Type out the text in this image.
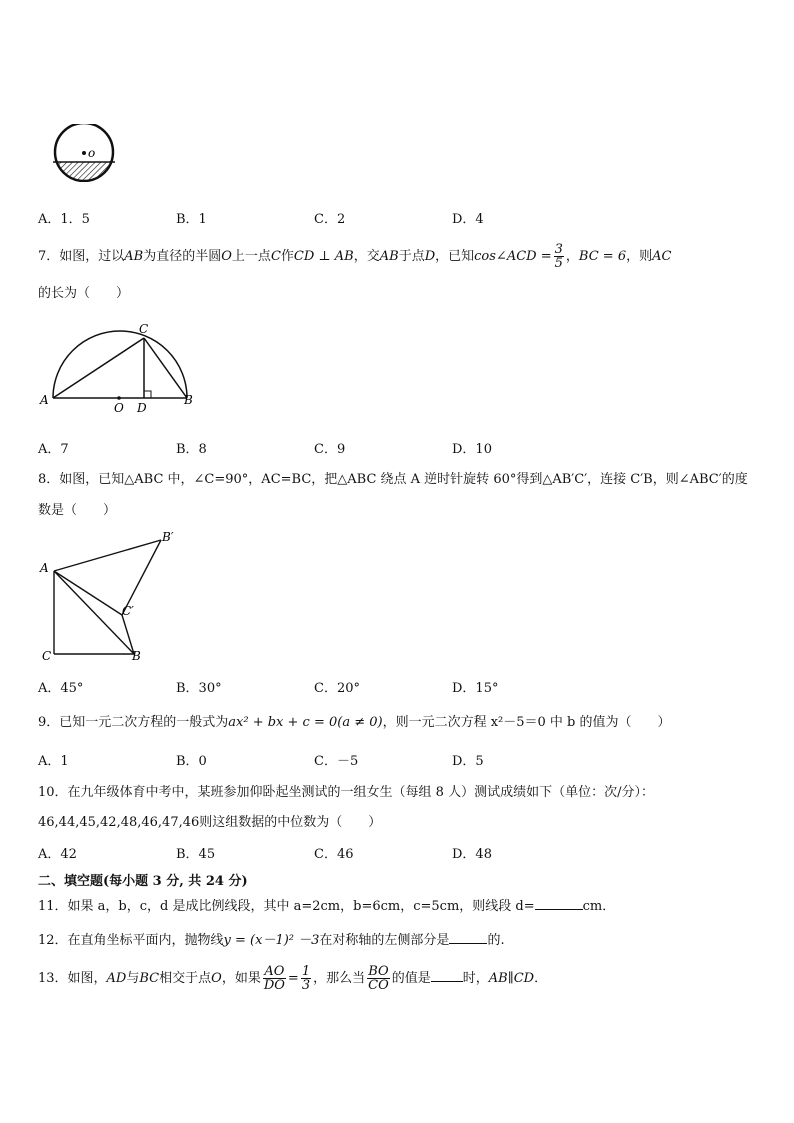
o
A．1．5	B．1	C．2	D．4
7．如图，过以AB为直径的半圆O上一点C作CD ⊥ AB，交AB于点D，已知cos∠ACD = $\frac{3}{5}$ ，BC = 6，则AC
的长为（　　）
A	B
C
D
O
A．7	B．8	C．9	D．10
8．如图，已知△ABC 中，∠C=90°，AC=BC，把△ABC 绕点 A 逆时针旋转 60°得到△AB′C′，连接 C′B，则∠ABC′的度
数是（　　）
A
B′
C′
C	B
A．45°	B．30°	C．20°	D．15°
9．已知一元二次方程的一般式为ax² + bx + c = 0(a ≠ 0)，则一元二次方程 x²－5＝0 中 b 的值为（　　）
A．1	B．0	C．－5	D．5
10．在九年级体育中考中，某班参加仰卧起坐测试的一组女生（每组 8 人）测试成绩如下（单位：次/分）：
46,44,45,42,48,46,47,46则这组数据的中位数为（　　）
A．42	B．45	C．46	D．48
二、填空题(每小题 3 分, 共 24 分)
11．如果 a，b，c，d 是成比例线段，其中 a=2cm，b=6cm，c=5cm，则线段 d=	cm．
12．在直角坐标平面内，抛物线y = (x－1)² －3在对称轴的左侧部分是	的.
13．如图，AD与BC相交于点O，如果 $\frac{AO}{DO} = \frac{1}{3}$ ，那么当 $\frac{BO}{CO}$ 的值是 时，AB∥CD．
